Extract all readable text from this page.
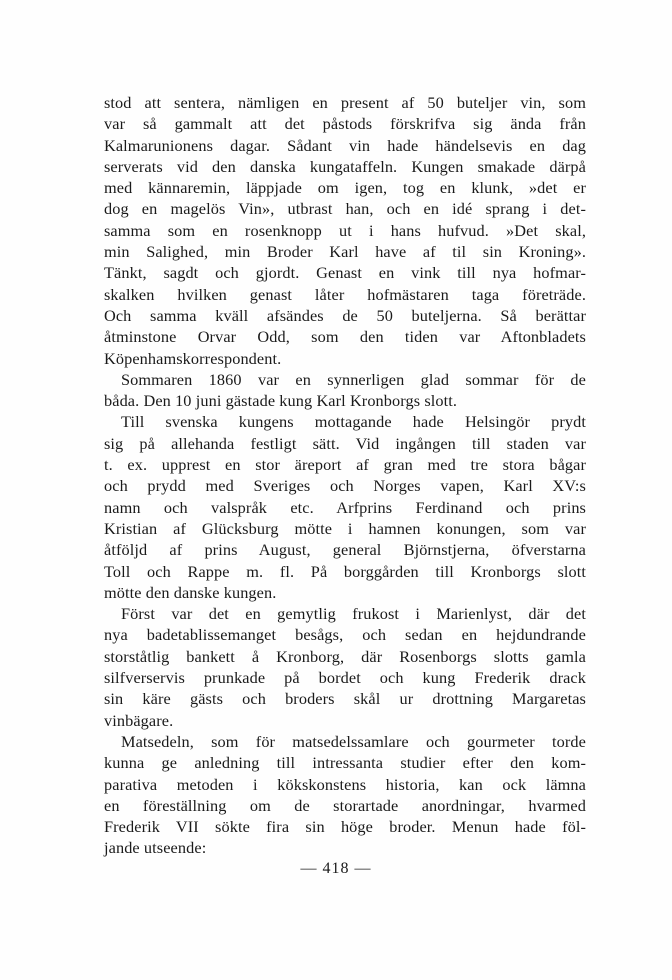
stod att sentera, nämligen en present af 50 buteljer vin, som
var så gammalt att det påstods förskrifva sig ända från
Kalmarunionens dagar. Sådant vin hade händelsevis en dag
serverats vid den danska kungataffeln. Kungen smakade därpå
med kännaremin, läppjade om igen, tog en klunk, »det er
dog en magelös Vin», utbrast han, och en idé sprang i det-
samma som en rosenknopp ut i hans hufvud. »Det skal,
min Salighed, min Broder Karl have af til sin Kroning».
Tänkt, sagdt och gjordt. Genast en vink till nya hofmar-
skalken hvilken genast låter hofmästaren taga företräde.
Och samma kväll afsändes de 50 buteljerna. Så berättar
åtminstone Orvar Odd, som den tiden var Aftonbladets
Köpenhamskorrespondent.
Sommaren 1860 var en synnerligen glad sommar för de
båda. Den 10 juni gästade kung Karl Kronborgs slott.
Till svenska kungens mottagande hade Helsingör prydt
sig på allehanda festligt sätt. Vid ingången till staden var
t. ex. upprest en stor äreport af gran med tre stora bågar
och prydd med Sveriges och Norges vapen, Karl XV:s
namn och valspråk etc. Arfprins Ferdinand och prins
Kristian af Glücksburg mötte i hamnen konungen, som var
åtföljd af prins August, general Björnstjerna, öfverstarna
Toll och Rappe m. fl. På borggården till Kronborgs slott
mötte den danske kungen.
Först var det en gemytlig frukost i Marienlyst, där det
nya badetablissemanget besågs, och sedan en hejdundrande
storståtlig bankett å Kronborg, där Rosenborgs slotts gamla
silfverservis prunkade på bordet och kung Frederik drack
sin käre gästs och broders skål ur drottning Margaretas
vinbägare.
Matsedeln, som för matsedelssamlare och gourmeter torde
kunna ge anledning till intressanta studier efter den kom-
parativa metoden i kökskonstens historia, kan ock lämna
en föreställning om de storartade anordningar, hvarmed
Frederik VII sökte fira sin höge broder. Menun hade föl-
jande utseende:
— 418 —
